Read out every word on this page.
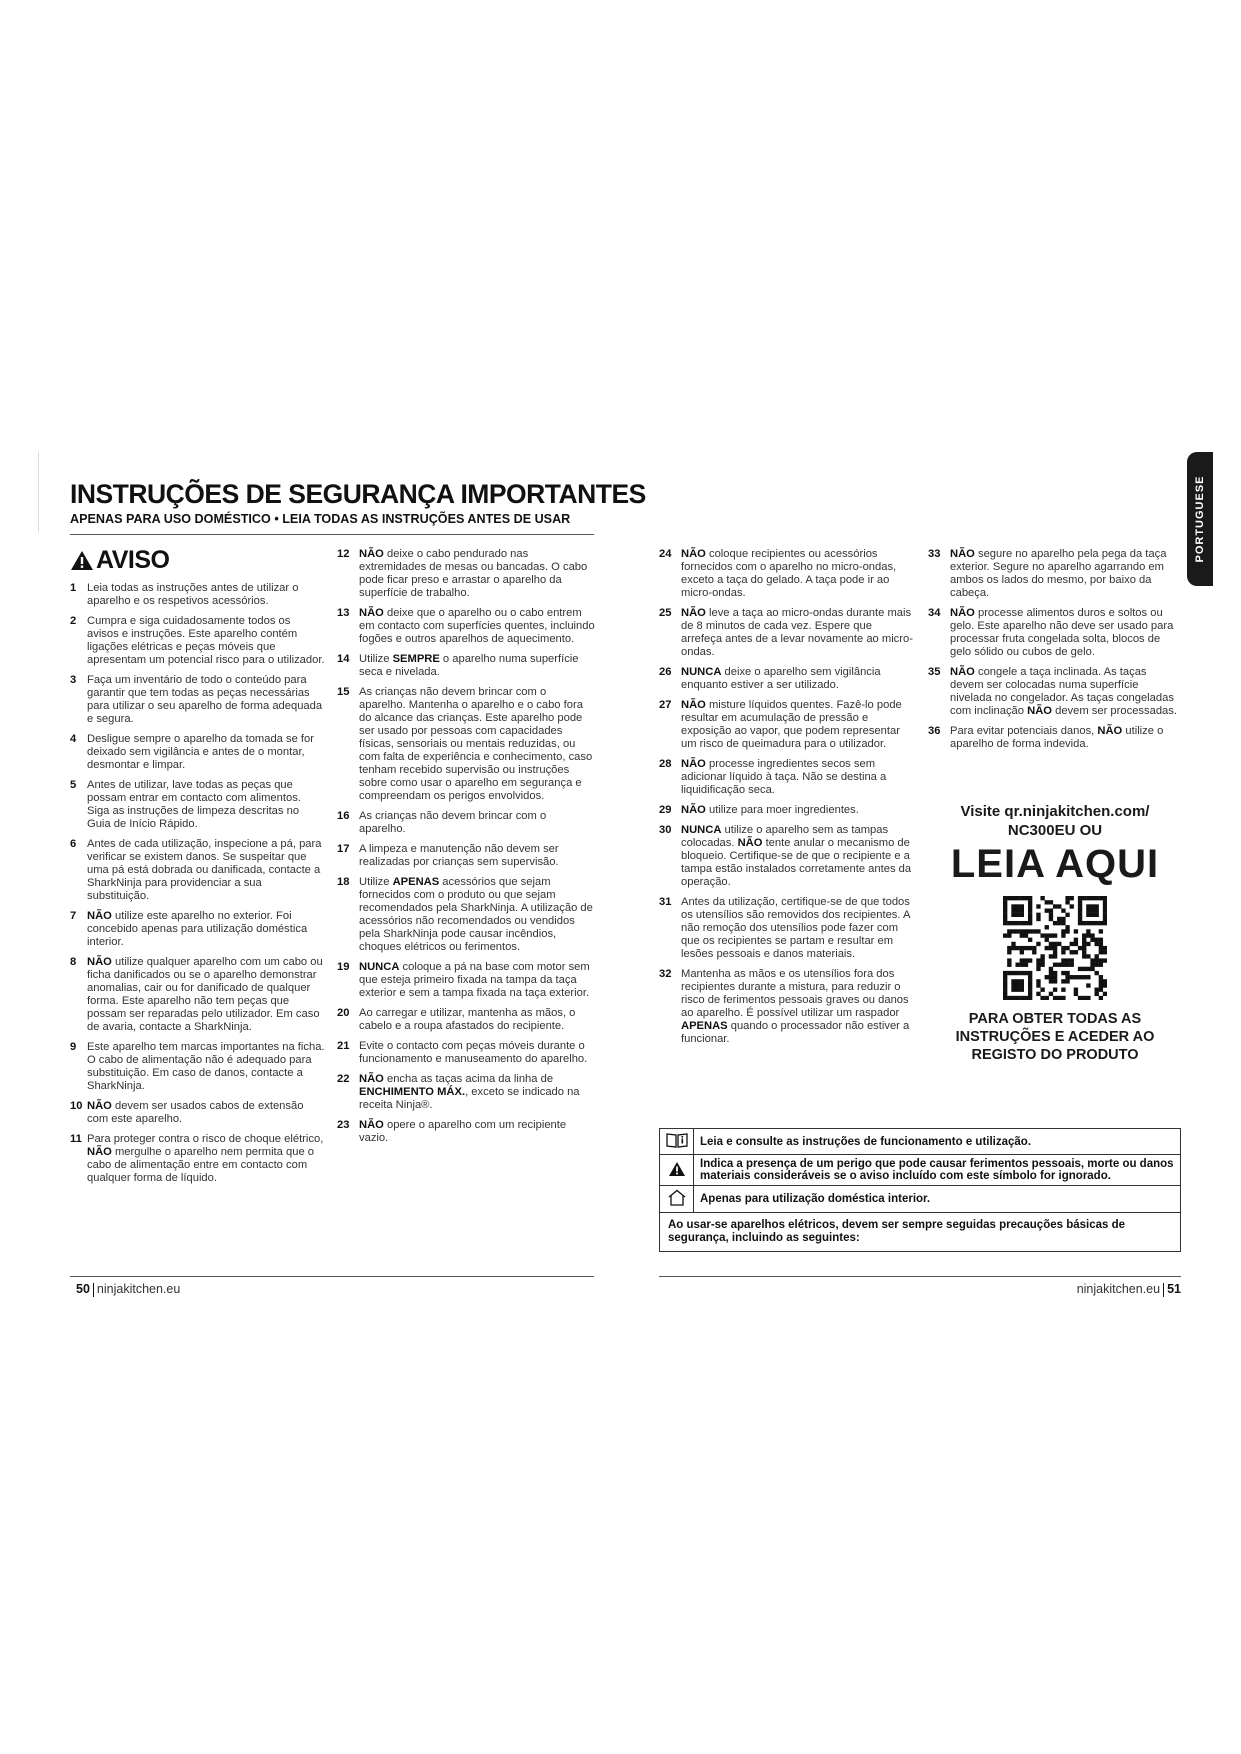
INSTRUÇÕES DE SEGURANÇA IMPORTANTES
APENAS PARA USO DOMÉSTICO • LEIA TODAS AS INSTRUÇÕES ANTES DE USAR
AVISO
1 Leia todas as instruções antes de utilizar o aparelho e os respetivos acessórios.
2 Cumpra e siga cuidadosamente todos os avisos e instruções. Este aparelho contém ligações elétricas e peças móveis que apresentam um potencial risco para o utilizador.
3 Faça um inventário de todo o conteúdo para garantir que tem todas as peças necessárias para utilizar o seu aparelho de forma adequada e segura.
4 Desligue sempre o aparelho da tomada se for deixado sem vigilância e antes de o montar, desmontar e limpar.
5 Antes de utilizar, lave todas as peças que possam entrar em contacto com alimentos. Siga as instruções de limpeza descritas no Guia de Início Rápido.
6 Antes de cada utilização, inspecione a pá, para verificar se existem danos. Se suspeitar que uma pá está dobrada ou danificada, contacte a SharkNinja para providenciar a sua substituição.
7 NÃO utilize este aparelho no exterior. Foi concebido apenas para utilização doméstica interior.
8 NÃO utilize qualquer aparelho com um cabo ou ficha danificados ou se o aparelho demonstrar anomalias, cair ou for danificado de qualquer forma. Este aparelho não tem peças que possam ser reparadas pelo utilizador. Em caso de avaria, contacte a SharkNinja.
9 Este aparelho tem marcas importantes na ficha. O cabo de alimentação não é adequado para substituição. Em caso de danos, contacte a SharkNinja.
10 NÃO devem ser usados cabos de extensão com este aparelho.
11 Para proteger contra o risco de choque elétrico, NÃO mergulhe o aparelho nem permita que o cabo de alimentação entre em contacto com qualquer forma de líquido.
12 NÃO deixe o cabo pendurado nas extremidades de mesas ou bancadas. O cabo pode ficar preso e arrastar o aparelho da superfície de trabalho.
13 NÃO deixe que o aparelho ou o cabo entrem em contacto com superfícies quentes, incluindo fogões e outros aparelhos de aquecimento.
14 Utilize SEMPRE o aparelho numa superfície seca e nivelada.
15 As crianças não devem brincar com o aparelho. Mantenha o aparelho e o cabo fora do alcance das crianças. Este aparelho pode ser usado por pessoas com capacidades físicas, sensoriais ou mentais reduzidas, ou com falta de experiência e conhecimento, caso tenham recebido supervisão ou instruções sobre como usar o aparelho em segurança e compreendam os perigos envolvidos.
16 As crianças não devem brincar com o aparelho.
17 A limpeza e manutenção não devem ser realizadas por crianças sem supervisão.
18 Utilize APENAS acessórios que sejam fornecidos com o produto ou que sejam recomendados pela SharkNinja. A utilização de acessórios não recomendados ou vendidos pela SharkNinja pode causar incêndios, choques elétricos ou ferimentos.
19 NUNCA coloque a pá na base com motor sem que esteja primeiro fixada na tampa da taça exterior e sem a tampa fixada na taça exterior.
20 Ao carregar e utilizar, mantenha as mãos, o cabelo e a roupa afastados do recipiente.
21 Evite o contacto com peças móveis durante o funcionamento e manuseamento do aparelho.
22 NÃO encha as taças acima da linha de ENCHIMENTO MÁX., exceto se indicado na receita Ninja®.
23 NÃO opere o aparelho com um recipiente vazio.
24 NÃO coloque recipientes ou acessórios fornecidos com o aparelho no micro-ondas, exceto a taça do gelado. A taça pode ir ao micro-ondas.
25 NÃO leve a taça ao micro-ondas durante mais de 8 minutos de cada vez. Espere que arrefeça antes de a levar novamente ao micro-ondas.
26 NUNCA deixe o aparelho sem vigilância enquanto estiver a ser utilizado.
27 NÃO misture líquidos quentes. Fazê-lo pode resultar em acumulação de pressão e exposição ao vapor, que podem representar um risco de queimadura para o utilizador.
28 NÃO processe ingredientes secos sem adicionar líquido à taça. Não se destina a liquidificação seca.
29 NÃO utilize para moer ingredientes.
30 NUNCA utilize o aparelho sem as tampas colocadas. NÃO tente anular o mecanismo de bloqueio. Certifique-se de que o recipiente e a tampa estão instalados corretamente antes da operação.
31 Antes da utilização, certifique-se de que todos os utensílios são removidos dos recipientes. A não remoção dos utensílios pode fazer com que os recipientes se partam e resultar em lesões pessoais e danos materiais.
32 Mantenha as mãos e os utensílios fora dos recipientes durante a mistura, para reduzir o risco de ferimentos pessoais graves ou danos ao aparelho. É possível utilizar um raspador APENAS quando o processador não estiver a funcionar.
33 NÃO segure no aparelho pela pega da taça exterior. Segure no aparelho agarrando em ambos os lados do mesmo, por baixo da cabeça.
34 NÃO processe alimentos duros e soltos ou gelo. Este aparelho não deve ser usado para processar fruta congelada solta, blocos de gelo sólido ou cubos de gelo.
35 NÃO congele a taça inclinada. As taças devem ser colocadas numa superfície nivelada no congelador. As taças congeladas com inclinação NÃO devem ser processadas.
36 Para evitar potenciais danos, NÃO utilize o aparelho de forma indevida.
PORTUGUESE
Visite qr.ninjakitchen.com/ NC300EU OU
LEIA AQUI
PARA OBTER TODAS AS INSTRUÇÕES E ACEDER AO REGISTO DO PRODUTO
	Leia e consulte as instruções de funcionamento e utilização.
	Indica a presença de um perigo que pode causar ferimentos pessoais, morte ou danos materiais consideráveis se o aviso incluído com este símbolo for ignorado.
	Apenas para utilização doméstica interior.
Ao usar-se aparelhos elétricos, devem ser sempre seguidas precauções básicas de segurança, incluindo as seguintes:	
50 ninjakitchen.eu	ninjakitchen.eu 51
